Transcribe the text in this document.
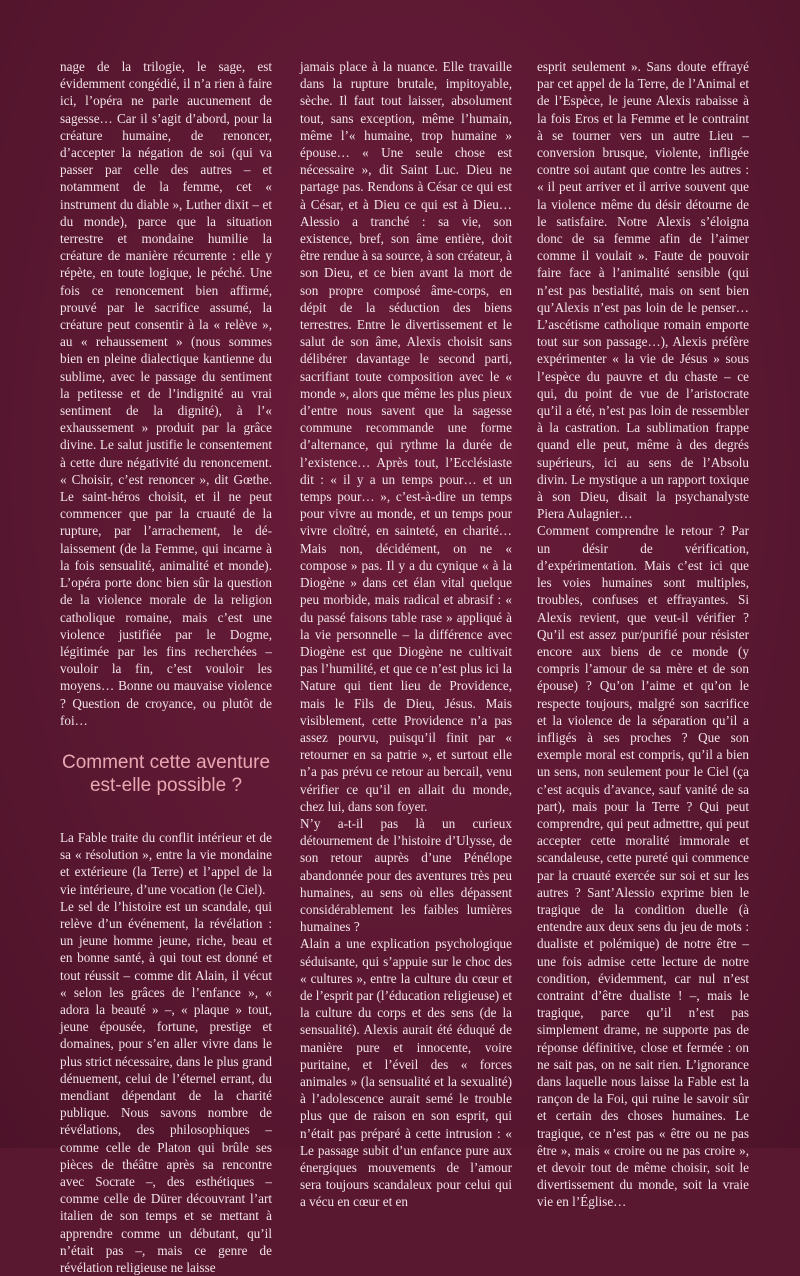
nage de la trilogie, le sage, est évidemment congédié, il n’a rien à faire ici, l’opéra ne parle aucunement de sagesse… Car il s’agit d’abord, pour la créature humaine, de renoncer, d’accepter la négation de soi (qui va passer par celle des autres – et notamment de la femme, cet « instrument du diable », Luther dixit – et du monde), parce que la situation terrestre et mondaine humilie la créature de manière récurrente : elle y répète, en toute logique, le péché. Une fois ce renoncement bien affirmé, prouvé par le sacrifice assumé, la créature peut consentir à la « relève », au « rehaussement » (nous sommes bien en pleine dialectique kantienne du sublime, avec le passage du sentiment la petitesse et de l’indignité au vrai sentiment de la dignité), à l’« exhaussement » produit par la grâce divine. Le salut justifie le consentement à cette dure négativité du renoncement. « Choisir, c’est renoncer », dit Gœthe. Le saint-héros choisit, et il ne peut commencer que par la cruauté de la rupture, par l’arrachement, le dé-laissement (de la Femme, qui incarne à la fois sensualité, animalité et monde). L’opéra porte donc bien sûr la question de la violence morale de la religion catholique romaine, mais c’est une violence justifiée par le Dogme, légitimée par les fins recherchées – vouloir la fin, c’est vouloir les moyens… Bonne ou mauvaise violence ? Question de croyance, ou plutôt de foi…

Comment cette aventure
est-elle possible ?

La Fable traite du conflit intérieur et de sa « résolution », entre la vie mondaine et extérieure (la Terre) et l’appel de la vie intérieure, d’une vocation (le Ciel).

Le sel de l’histoire est un scandale, qui relève d’un événement, la révélation : un jeune homme jeune, riche, beau et en bonne santé, à qui tout est donné et tout réussit – comme dit Alain, il vécut « selon les grâces de l’enfance », « adora la beauté » –, « plaque » tout, jeune épousée, fortune, prestige et domaines, pour s’en aller vivre dans le plus strict nécessaire, dans le plus grand dénuement, celui de l’éternel errant, du mendiant dépendant de la charité publique. Nous savons nombre de révélations, des philosophiques – comme celle de Platon qui brûle ses pièces de théâtre après sa rencontre avec Socrate –, des esthétiques – comme celle de Dürer découvrant l’art italien de son temps et se mettant à apprendre comme un débutant, qu’il n’était pas –, mais ce genre de révélation religieuse ne laisse

jamais place à la nuance. Elle travaille dans la rupture brutale, impitoyable, sèche. Il faut tout laisser, absolument tout, sans exception, même l’humain, même l’« humaine, trop humaine » épouse… « Une seule chose est nécessaire », dit Saint Luc. Dieu ne partage pas. Rendons à César ce qui est à César, et à Dieu ce qui est à Dieu… Alessio a tranché : sa vie, son existence, bref, son âme entière, doit être rendue à sa source, à son créateur, à son Dieu, et ce bien avant la mort de son propre composé âme-corps, en dépit de la séduction des biens terrestres. Entre le divertissement et le salut de son âme, Alexis choisit sans délibérer davantage le second parti, sacrifiant toute composition avec le « monde », alors que même les plus pieux d’entre nous savent que la sagesse commune recommande une forme d’alternance, qui rythme la durée de l’existence… Après tout, l’Ecclésiaste dit : « il y a un temps pour… et un temps pour… », c’est-à-dire un temps pour vivre au monde, et un temps pour vivre cloîtré, en sainteté, en charité… Mais non, décidément, on ne « compose » pas. Il y a du cynique « à la Diogène » dans cet élan vital quelque peu morbide, mais radical et abrasif : « du passé faisons table rase » appliqué à la vie personnelle – la différence avec Diogène est que Diogène ne cultivait pas l’humilité, et que ce n’est plus ici la Nature qui tient lieu de Providence, mais le Fils de Dieu, Jésus. Mais visiblement, cette Providence n’a pas assez pourvu, puisqu’il finit par « retourner en sa patrie », et surtout elle n’a pas prévu ce retour au bercail, venu vérifier ce qu’il en allait du monde, chez lui, dans son foyer.

N’y a-t-il pas là un curieux détournement de l’histoire d’Ulysse, de son retour auprès d’une Pénélope abandonnée pour des aventures très peu humaines, au sens où elles dépassent considérablement les faibles lumières humaines ?

Alain a une explication psychologique séduisante, qui s’appuie sur le choc des « cultures », entre la culture du cœur et de l’esprit par (l’éducation religieuse) et la culture du corps et des sens (de la sensualité). Alexis aurait été éduqué de manière pure et innocente, voire puritaine, et l’éveil des « forces animales » (la sensualité et la sexualité) à l’adolescence aurait semé le trouble plus que de raison en son esprit, qui n’était pas préparé à cette intrusion : « Le passage subit d’un enfance pure aux énergiques mouvements de l’amour sera toujours scandaleux pour celui qui a vécu en cœur et en

esprit seulement ». Sans doute effrayé par cet appel de la Terre, de l’Animal et de l’Espèce, le jeune Alexis rabaisse à la fois Eros et la Femme et le contraint à se tourner vers un autre Lieu – conversion brusque, violente, infligée contre soi autant que contre les autres : « il peut arriver et il arrive souvent que la violence même du désir détourne de le satisfaire. Notre Alexis s’éloigna donc de sa femme afin de l’aimer comme il voulait ». Faute de pouvoir faire face à l’animalité sensible (qui n’est pas bestialité, mais on sent bien qu’Alexis n’est pas loin de le penser… L’ascétisme catholique romain emporte tout sur son passage…), Alexis préfère expérimenter « la vie de Jésus » sous l’espèce du pauvre et du chaste – ce qui, du point de vue de l’aristocrate qu’il a été, n’est pas loin de ressembler à la castration. La sublimation frappe quand elle peut, même à des degrés supérieurs, ici au sens de l’Absolu divin. Le mystique a un rapport toxique à son Dieu, disait la psychanalyste Piera Aulagnier…

Comment comprendre le retour ? Par un désir de vérification, d’expérimentation. Mais c’est ici que les voies humaines sont multiples, troubles, confuses et effrayantes. Si Alexis revient, que veut-il vérifier ? Qu’il est assez pur/purifié pour résister encore aux biens de ce monde (y compris l’amour de sa mère et de son épouse) ? Qu’on l’aime et qu’on le respecte toujours, malgré son sacrifice et la violence de la séparation qu’il a infligés à ses proches ? Que son exemple moral est compris, qu’il a bien un sens, non seulement pour le Ciel (ça c’est acquis d’avance, sauf vanité de sa part), mais pour la Terre ? Qui peut comprendre, qui peut admettre, qui peut accepter cette moralité immorale et scandaleuse, cette pureté qui commence par la cruauté exercée sur soi et sur les autres ? Sant’Alessio exprime bien le tragique de la condition duelle (à entendre aux deux sens du jeu de mots : dualiste et polémique) de notre être – une fois admise cette lecture de notre condition, évidemment, car nul n’est contraint d’être dualiste ! –, mais le tragique, parce qu’il n’est pas simplement drame, ne supporte pas de réponse définitive, close et fermée : on ne sait pas, on ne sait rien. L’ignorance dans laquelle nous laisse la Fable est la rançon de la Foi, qui ruine le savoir sûr et certain des choses humaines. Le tragique, ce n’est pas « être ou ne pas être », mais « croire ou ne pas croire », et devoir tout de même choisir, soit le divertissement du monde, soit la vraie vie en l’Église…
